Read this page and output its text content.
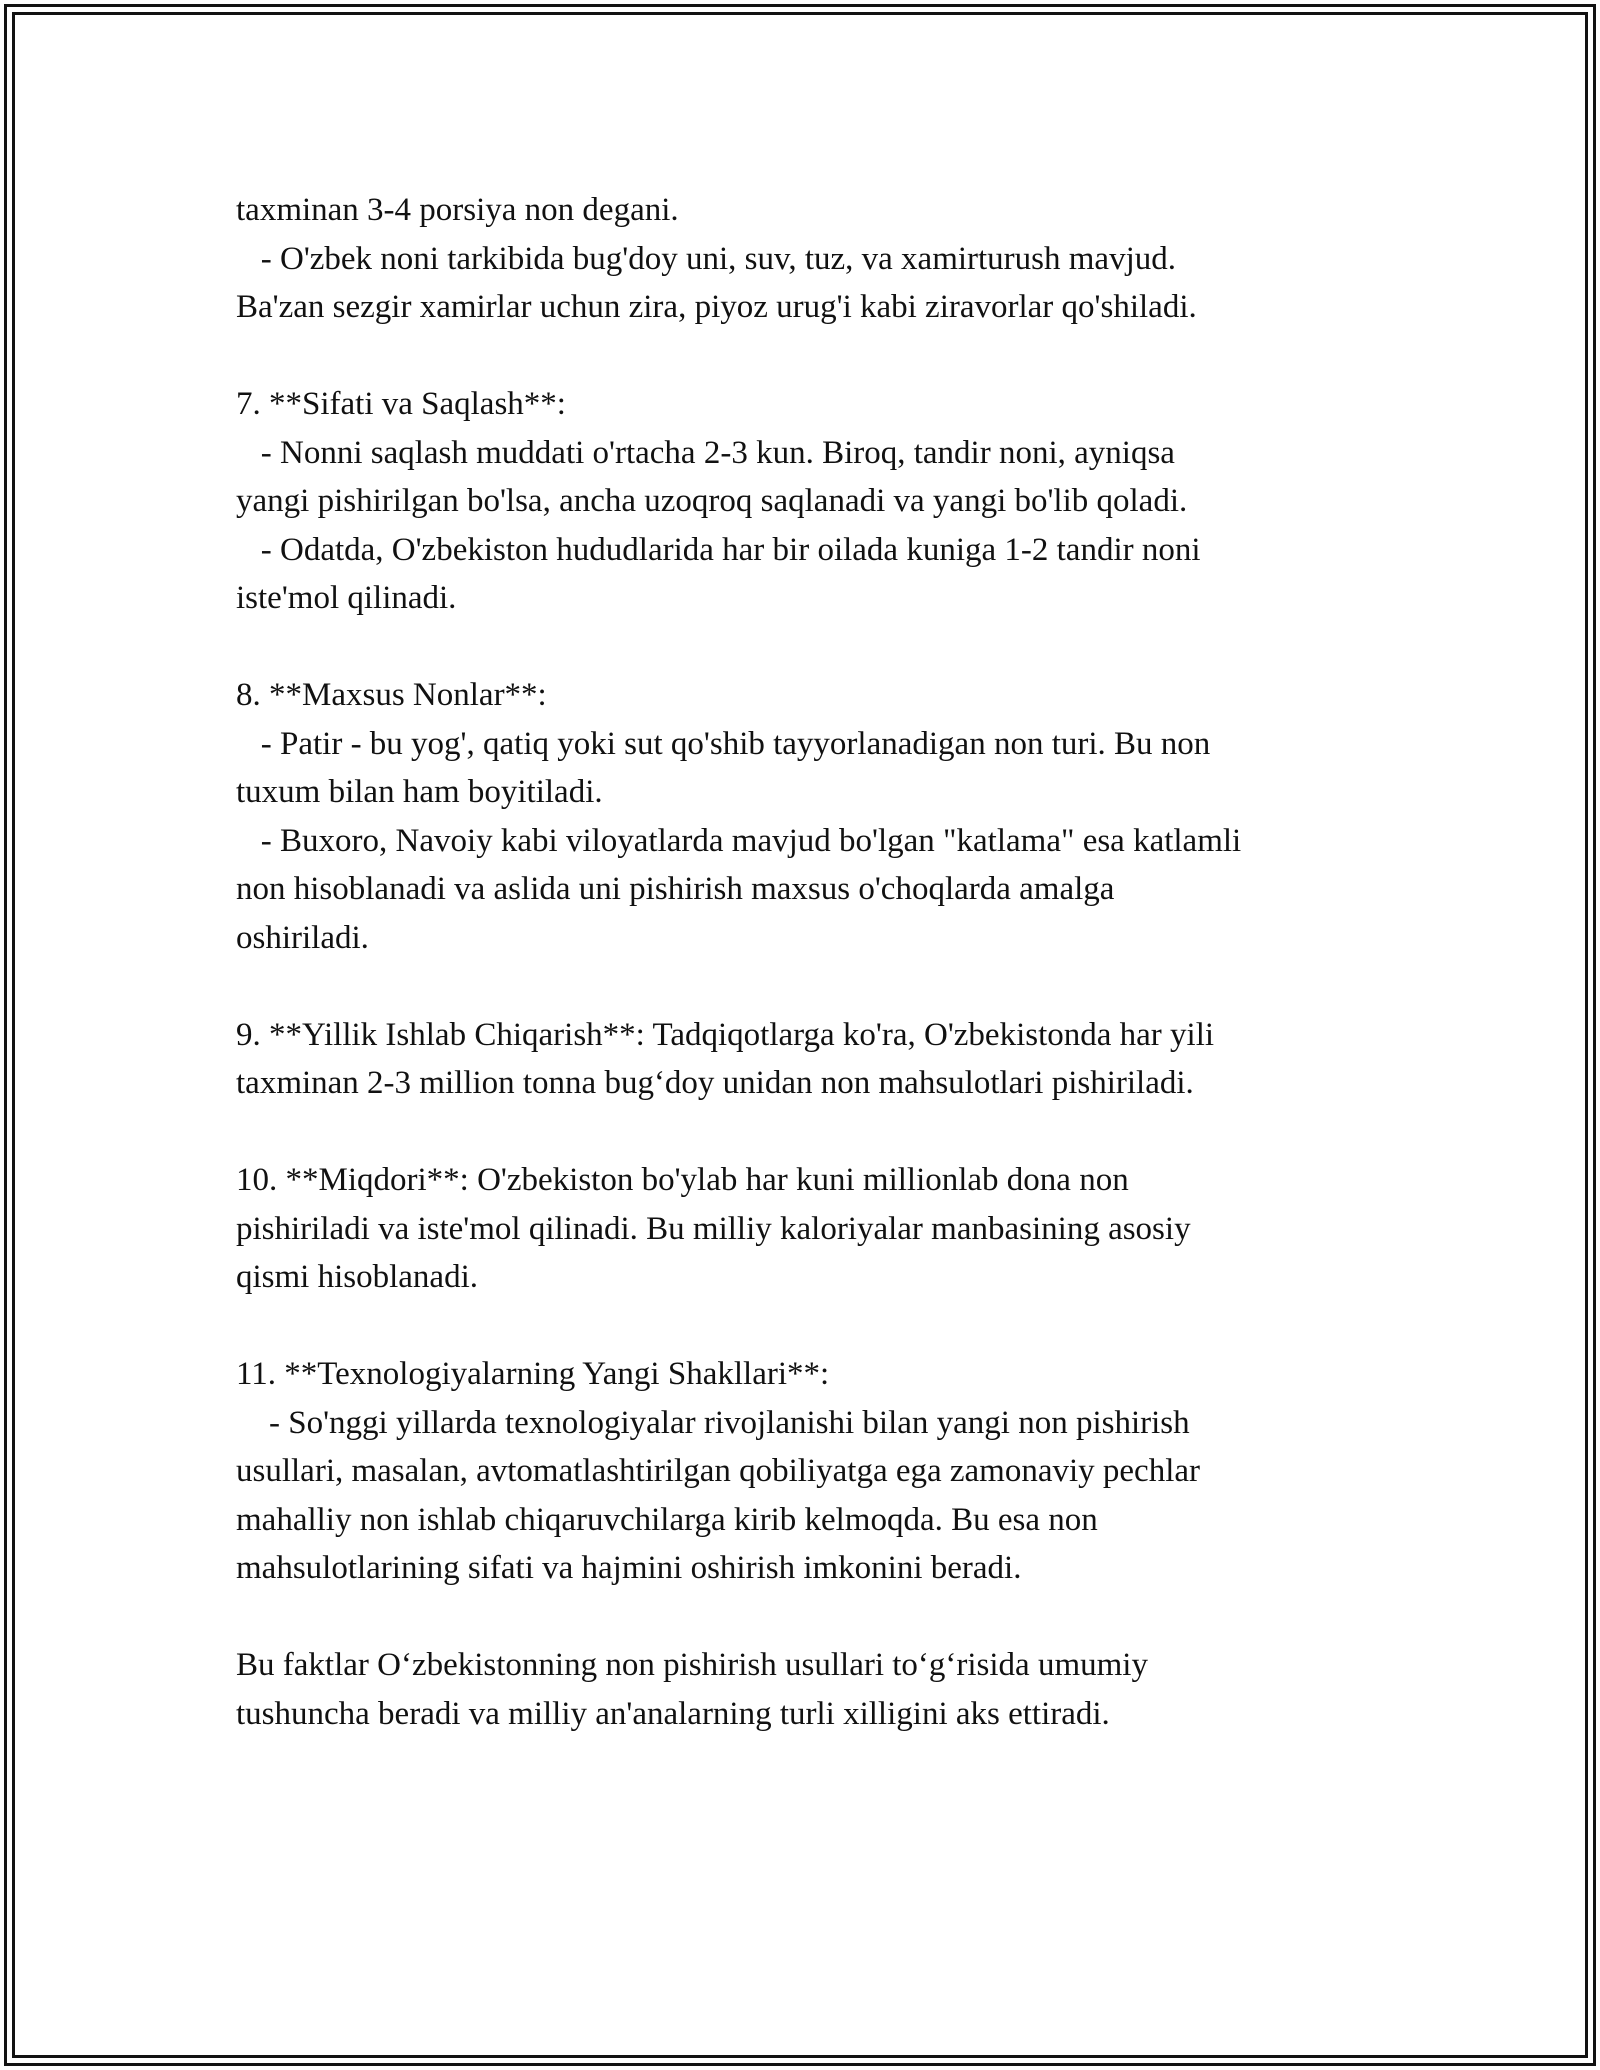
taxminan 3-4 porsiya non degani.
- O'zbek noni tarkibida bug'doy uni, suv, tuz, va xamirturush mavjud.
Ba'zan sezgir xamirlar uchun zira, piyoz urug'i kabi ziravorlar qo'shiladi.
7. **Sifati va Saqlash**:
- Nonni saqlash muddati o'rtacha 2-3 kun. Biroq, tandir noni, ayniqsa
yangi pishirilgan bo'lsa, ancha uzoqroq saqlanadi va yangi bo'lib qoladi.
- Odatda, O'zbekiston hududlarida har bir oilada kuniga 1-2 tandir noni
iste'mol qilinadi.
8. **Maxsus Nonlar**:
- Patir - bu yog', qatiq yoki sut qo'shib tayyorlanadigan non turi. Bu non
tuxum bilan ham boyitiladi.
- Buxoro, Navoiy kabi viloyatlarda mavjud bo'lgan "katlama" esa katlamli
non hisoblanadi va aslida uni pishirish maxsus o'choqlarda amalga
oshiriladi.
9. **Yillik Ishlab Chiqarish**: Tadqiqotlarga ko'ra, O'zbekistonda har yili
taxminan 2-3 million tonna bug‘doy unidan non mahsulotlari pishiriladi.
10. **Miqdori**: O'zbekiston bo'ylab har kuni millionlab dona non
pishiriladi va iste'mol qilinadi. Bu milliy kaloriyalar manbasining asosiy
qismi hisoblanadi.
11. **Texnologiyalarning Yangi Shakllari**:
- So'nggi yillarda texnologiyalar rivojlanishi bilan yangi non pishirish
usullari, masalan, avtomatlashtirilgan qobiliyatga ega zamonaviy pechlar
mahalliy non ishlab chiqaruvchilarga kirib kelmoqda. Bu esa non
mahsulotlarining sifati va hajmini oshirish imkonini beradi.
Bu faktlar O‘zbekistonning non pishirish usullari to‘g‘risida umumiy
tushuncha beradi va milliy an'analarning turli xilligini aks ettiradi.
